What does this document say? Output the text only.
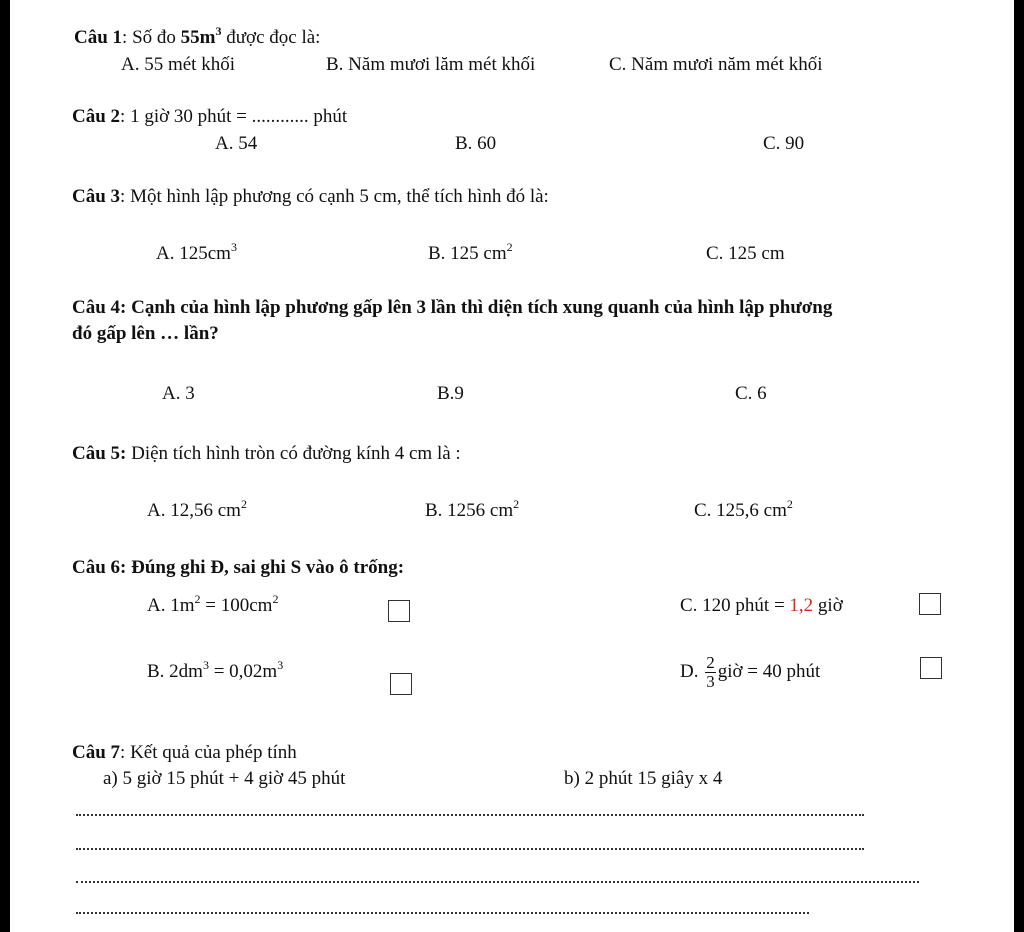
Câu 1: Số đo $55m^3$ được đọc là:
A. 55 mét khối	B. Năm mươi lăm mét khối	C. Năm mươi năm mét khối
Câu 2: 1 giờ 30 phút = ............ phút
A. 54	B. 60	C. 90
Câu 3: Một hình lập phương có cạnh 5 cm, thể tích hình đó là:
A. $125cm^3$	B. 125 $cm^2$	C. 125 cm
Câu 4: Cạnh của hình lập phương gấp lên 3 lần thì diện tích xung quanh của hình lập phương
đó gấp lên … lần?
A. 3	B.9	C. 6
Câu 5: Diện tích hình tròn có đường kính 4 cm là :
A. 12,56 $cm^2$	B. 1256 $cm^2$	C. 125,6 $cm^2$
Câu 6: Đúng ghi Đ, sai ghi S vào ô trống:
A. $1m^2 = 100cm^2$	C. 120 phút = 1,2 giờ
B. $2dm^3 = 0,02m^3$	D. $\frac{2}{3}$ giờ = 40 phút
Câu 7: Kết quả của phép tính
a) 5 giờ 15 phút + 4 giờ 45 phút	b) 2 phút 15 giây x 4
